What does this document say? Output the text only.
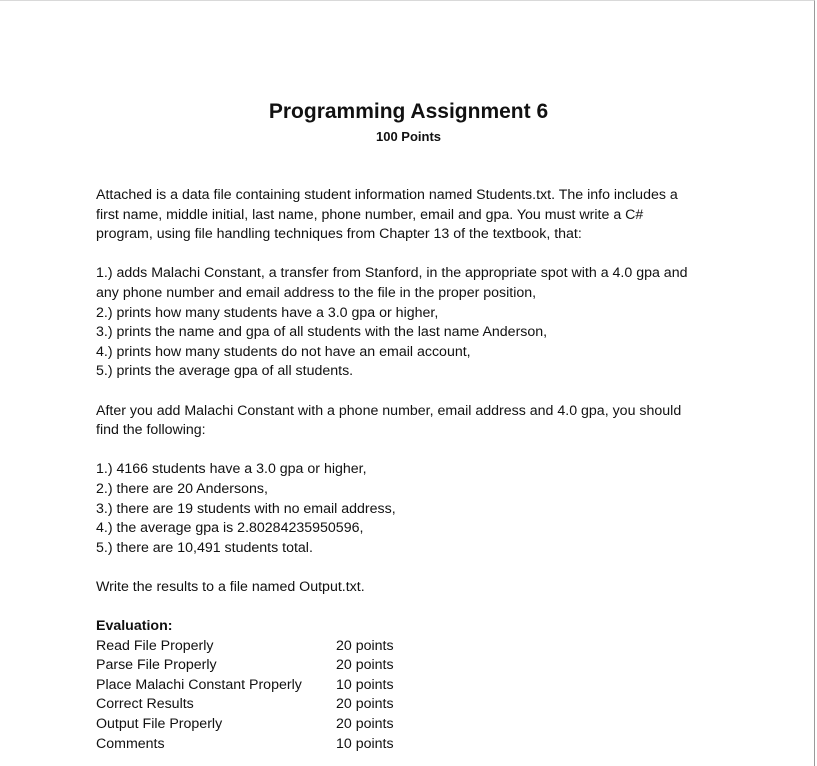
Programming Assignment 6
100 Points
Attached is a data file containing student information named Students.txt. The info includes a
first name, middle initial, last name, phone number, email and gpa. You must write a C#
program, using file handling techniques from Chapter 13 of the textbook, that:
1.) adds Malachi Constant, a transfer from Stanford, in the appropriate spot with a 4.0 gpa and
any phone number and email address to the file in the proper position,
2.) prints how many students have a 3.0 gpa or higher,
3.) prints the name and gpa of all students with the last name Anderson,
4.) prints how many students do not have an email account,
5.) prints the average gpa of all students.
After you add Malachi Constant with a phone number, email address and 4.0 gpa, you should
find the following:
1.) 4166 students have a 3.0 gpa or higher,
2.) there are 20 Andersons,
3.) there are 19 students with no email address,
4.) the average gpa is 2.80284235950596,
5.) there are 10,491 students total.
Write the results to a file named Output.txt.
Evaluation:
Read File Properly	20 points
Parse File Properly	20 points
Place Malachi Constant Properly	10 points
Correct Results	20 points
Output File Properly	20 points
Comments	10 points
